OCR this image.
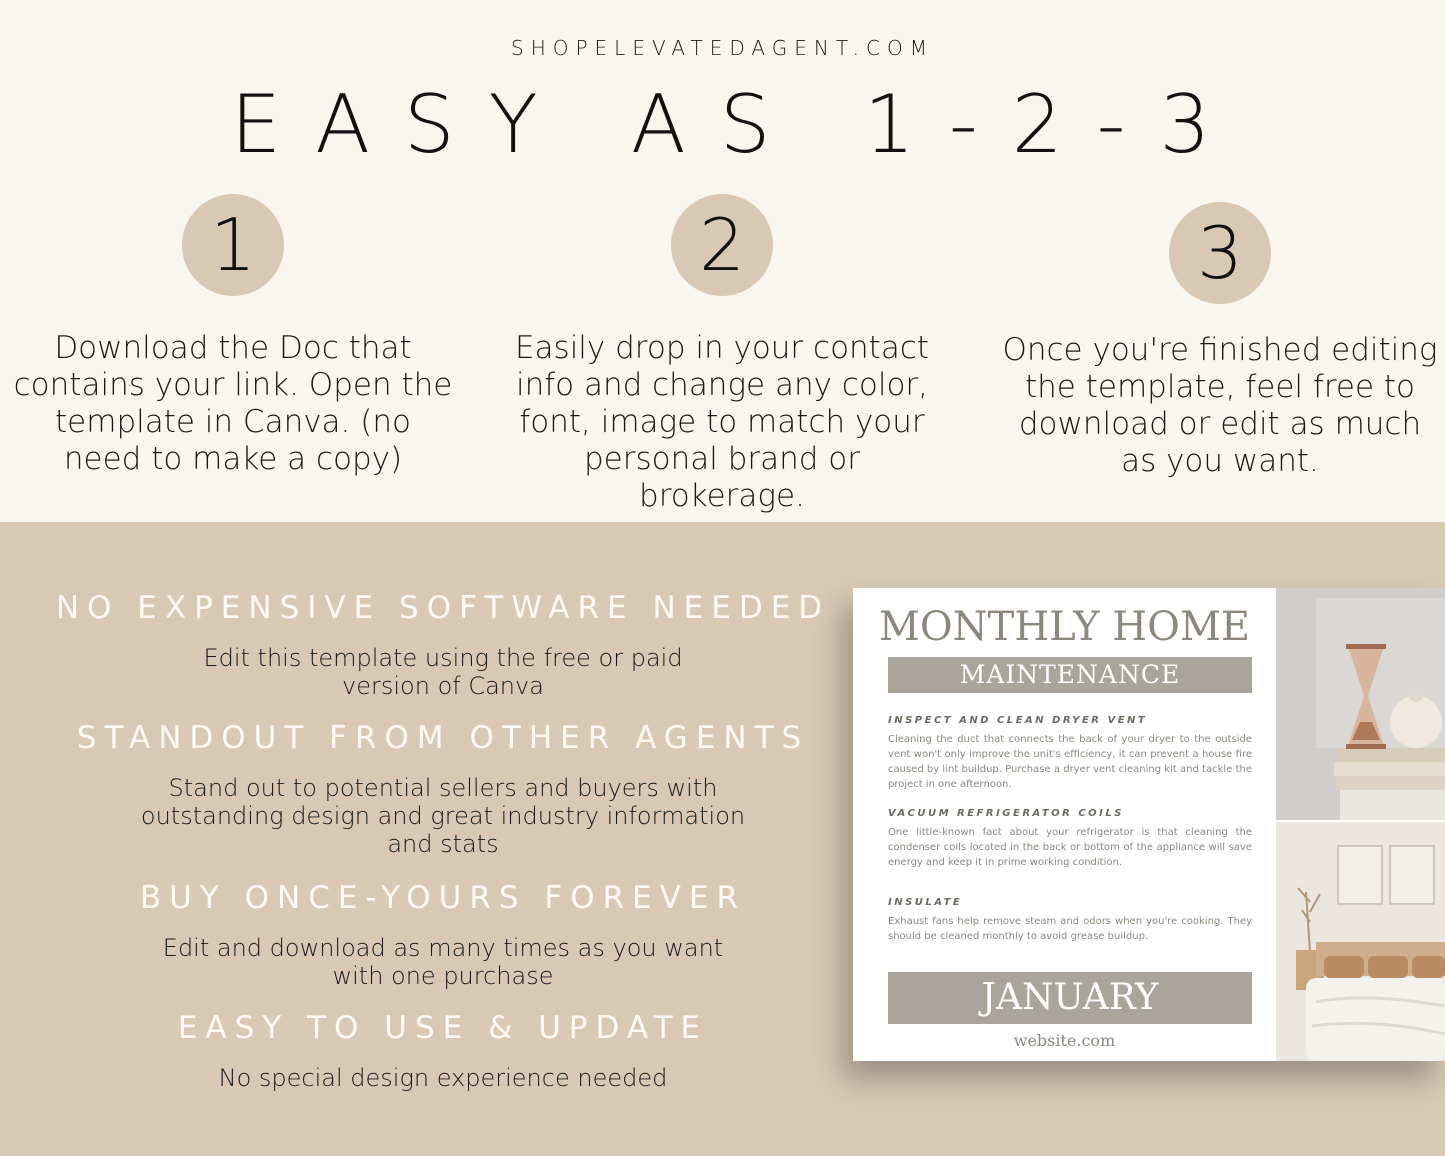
SHOPELEVATEDAGENT.COM
EASY AS 1-2-3
1
Download the Doc that contains your link. Open the template in Canva. (no need to make a copy)
2
Easily drop in your contact info and change any color, font, image to match your personal brand or brokerage.
3
Once you're finished editing the template, feel free to download or edit as much as you want.
NO EXPENSIVE SOFTWARE NEEDED

Edit this template using the free or paid version of Canva

STANDOUT FROM OTHER AGENTS

Stand out to potential sellers and buyers with outstanding design and great industry information and stats

BUY ONCE-YOURS FOREVER

Edit and download as many times as you want with one purchase

EASY TO USE & UPDATE

No special design experience needed

MONTHLY HOME
MAINTENANCE
INSPECT AND CLEAN DRYER VENT

Cleaning the duct that connects the back of your dryer to the outside vent won't only improve the unit's efficiency, it can prevent a house fire caused by lint buildup. Purchase a dryer vent cleaning kit and tackle the project in one afternoon.

VACUUM REFRIGERATOR COILS

One little-known fact about your refrigerator is that cleaning the condenser coils located in the back or bottom of the appliance will save energy and keep it in prime working condition.

INSULATE

Exhaust fans help remove steam and odors when you're cooking. They should be cleaned monthly to avoid grease buildup.

JANUARY
website.com
